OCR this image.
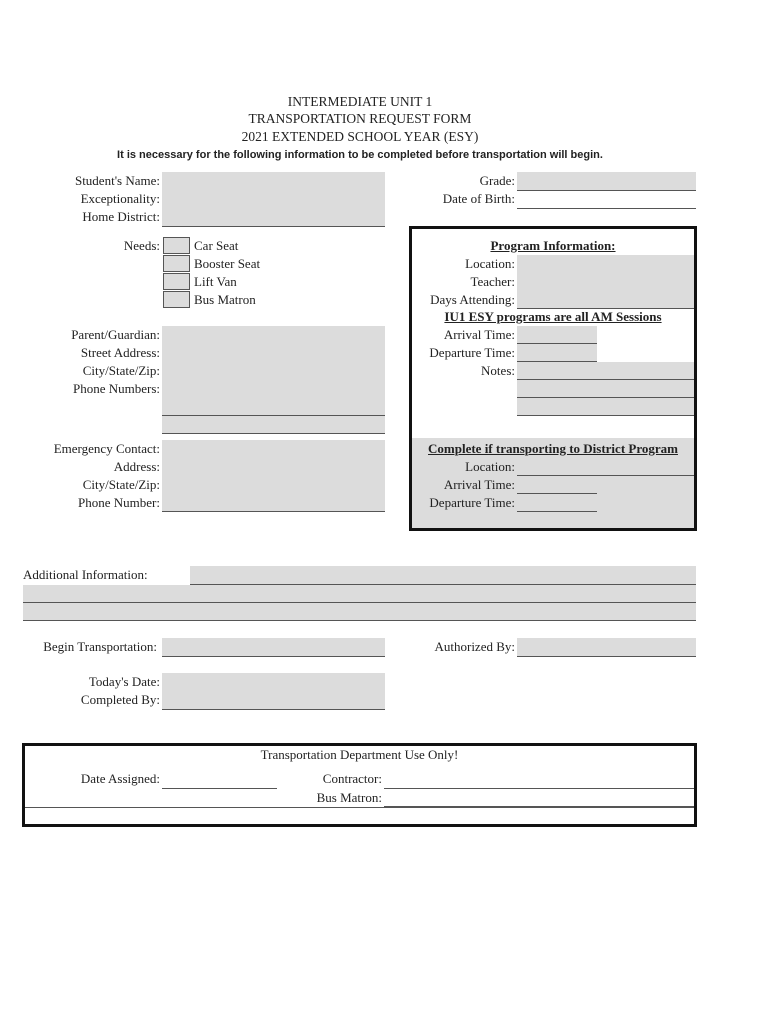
INTERMEDIATE UNIT 1
TRANSPORTATION REQUEST FORM
2021 EXTENDED SCHOOL YEAR (ESY)
It is necessary for the following information to be completed before transportation will begin.
Student's Name:
Exceptionality:
Home District:
Grade:
Date of Birth:
Needs:	Car Seat
Booster Seat
Lift Van
Bus Matron
Parent/Guardian:
Street Address:
City/State/Zip:
Phone Numbers:
Emergency Contact:
Address:
City/State/Zip:
Phone Number:
Program Information:
Location:
Teacher:
Days Attending:
IU1 ESY programs are all AM Sessions
Arrival Time:
Departure Time:
Notes:
Complete if transporting to District Program
Location:
Arrival Time:
Departure Time:
Additional Information:
Begin Transportation:	Authorized By:
Today's Date:
Completed By:
Transportation Department Use Only!
Date Assigned:	Contractor:
Bus Matron:
